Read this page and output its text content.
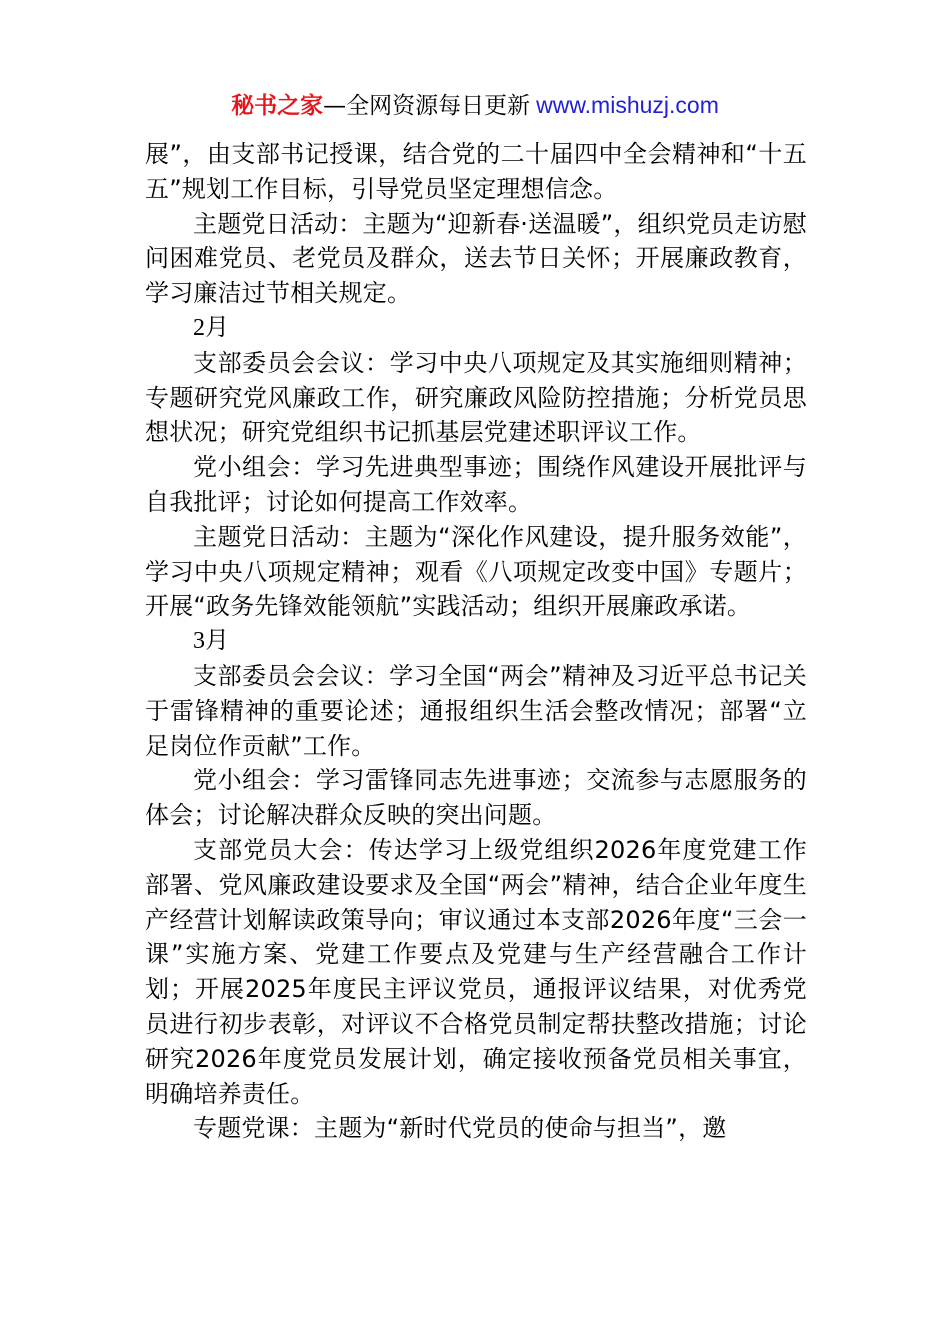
秘书之家—全网资源每日更新 www.mishuzj.com

展”，由支部书记授课，结合党的二十届四中全会精神和“十五五”规划工作目标，引导党员坚定理想信念。

主题党日活动：主题为“迎新春·送温暖”，组织党员走访慰问困难党员、老党员及群众，送去节日关怀；开展廉政教育，学习廉洁过节相关规定。

2月

支部委员会会议：学习中央八项规定及其实施细则精神；专题研究党风廉政工作，研究廉政风险防控措施；分析党员思想状况；研究党组织书记抓基层党建述职评议工作。

党小组会：学习先进典型事迹；围绕作风建设开展批评与自我批评；讨论如何提高工作效率。

主题党日活动：主题为“深化作风建设，提升服务效能”，学习中央八项规定精神；观看《八项规定改变中国》专题片；开展“政务先锋效能领航”实践活动；组织开展廉政承诺。

3月

支部委员会会议：学习全国“两会”精神及习近平总书记关于雷锋精神的重要论述；通报组织生活会整改情况；部署“立足岗位作贡献”工作。

党小组会：学习雷锋同志先进事迹；交流参与志愿服务的体会；讨论解决群众反映的突出问题。

支部党员大会：传达学习上级党组织2026年度党建工作部署、党风廉政建设要求及全国“两会”精神，结合企业年度生产经营计划解读政策导向；审议通过本支部2026年度“三会一课”实施方案、党建工作要点及党建与生产经营融合工作计划；开展2025年度民主评议党员，通报评议结果，对优秀党员进行初步表彰，对评议不合格党员制定帮扶整改措施；讨论研究2026年度党员发展计划，确定接收预备党员相关事宜，明确培养责任。

专题党课：主题为“新时代党员的使命与担当”，邀
